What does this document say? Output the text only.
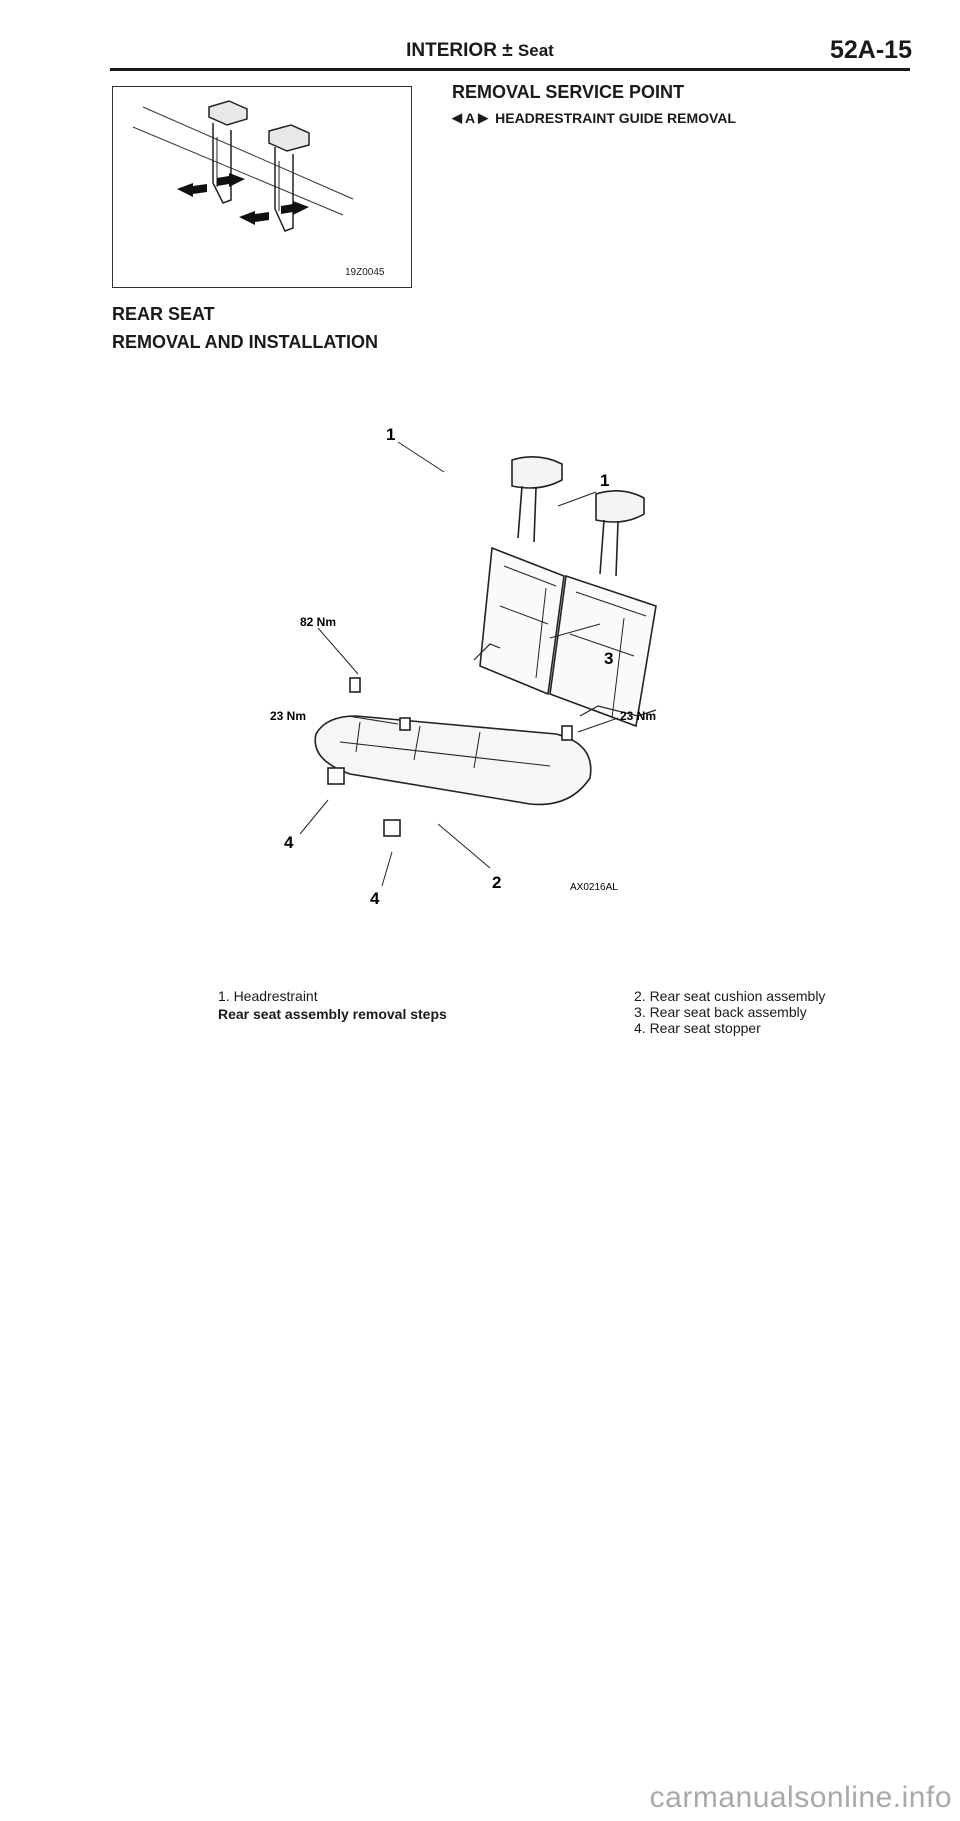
INTERIOR ± Seat	52A-15
19Z0045
REMOVAL SERVICE POINT
◀ A ▶ HEADRESTRAINT GUIDE REMOVAL
REAR SEAT
REMOVAL AND INSTALLATION
1
1
3
2
4
4
82 Nm
23 Nm	23 Nm
AX0216AL
1. Headrestraint
Rear seat assembly removal steps
2. Rear seat cushion assembly
3. Rear seat back assembly
4. Rear seat stopper
carmanualsonline.info
